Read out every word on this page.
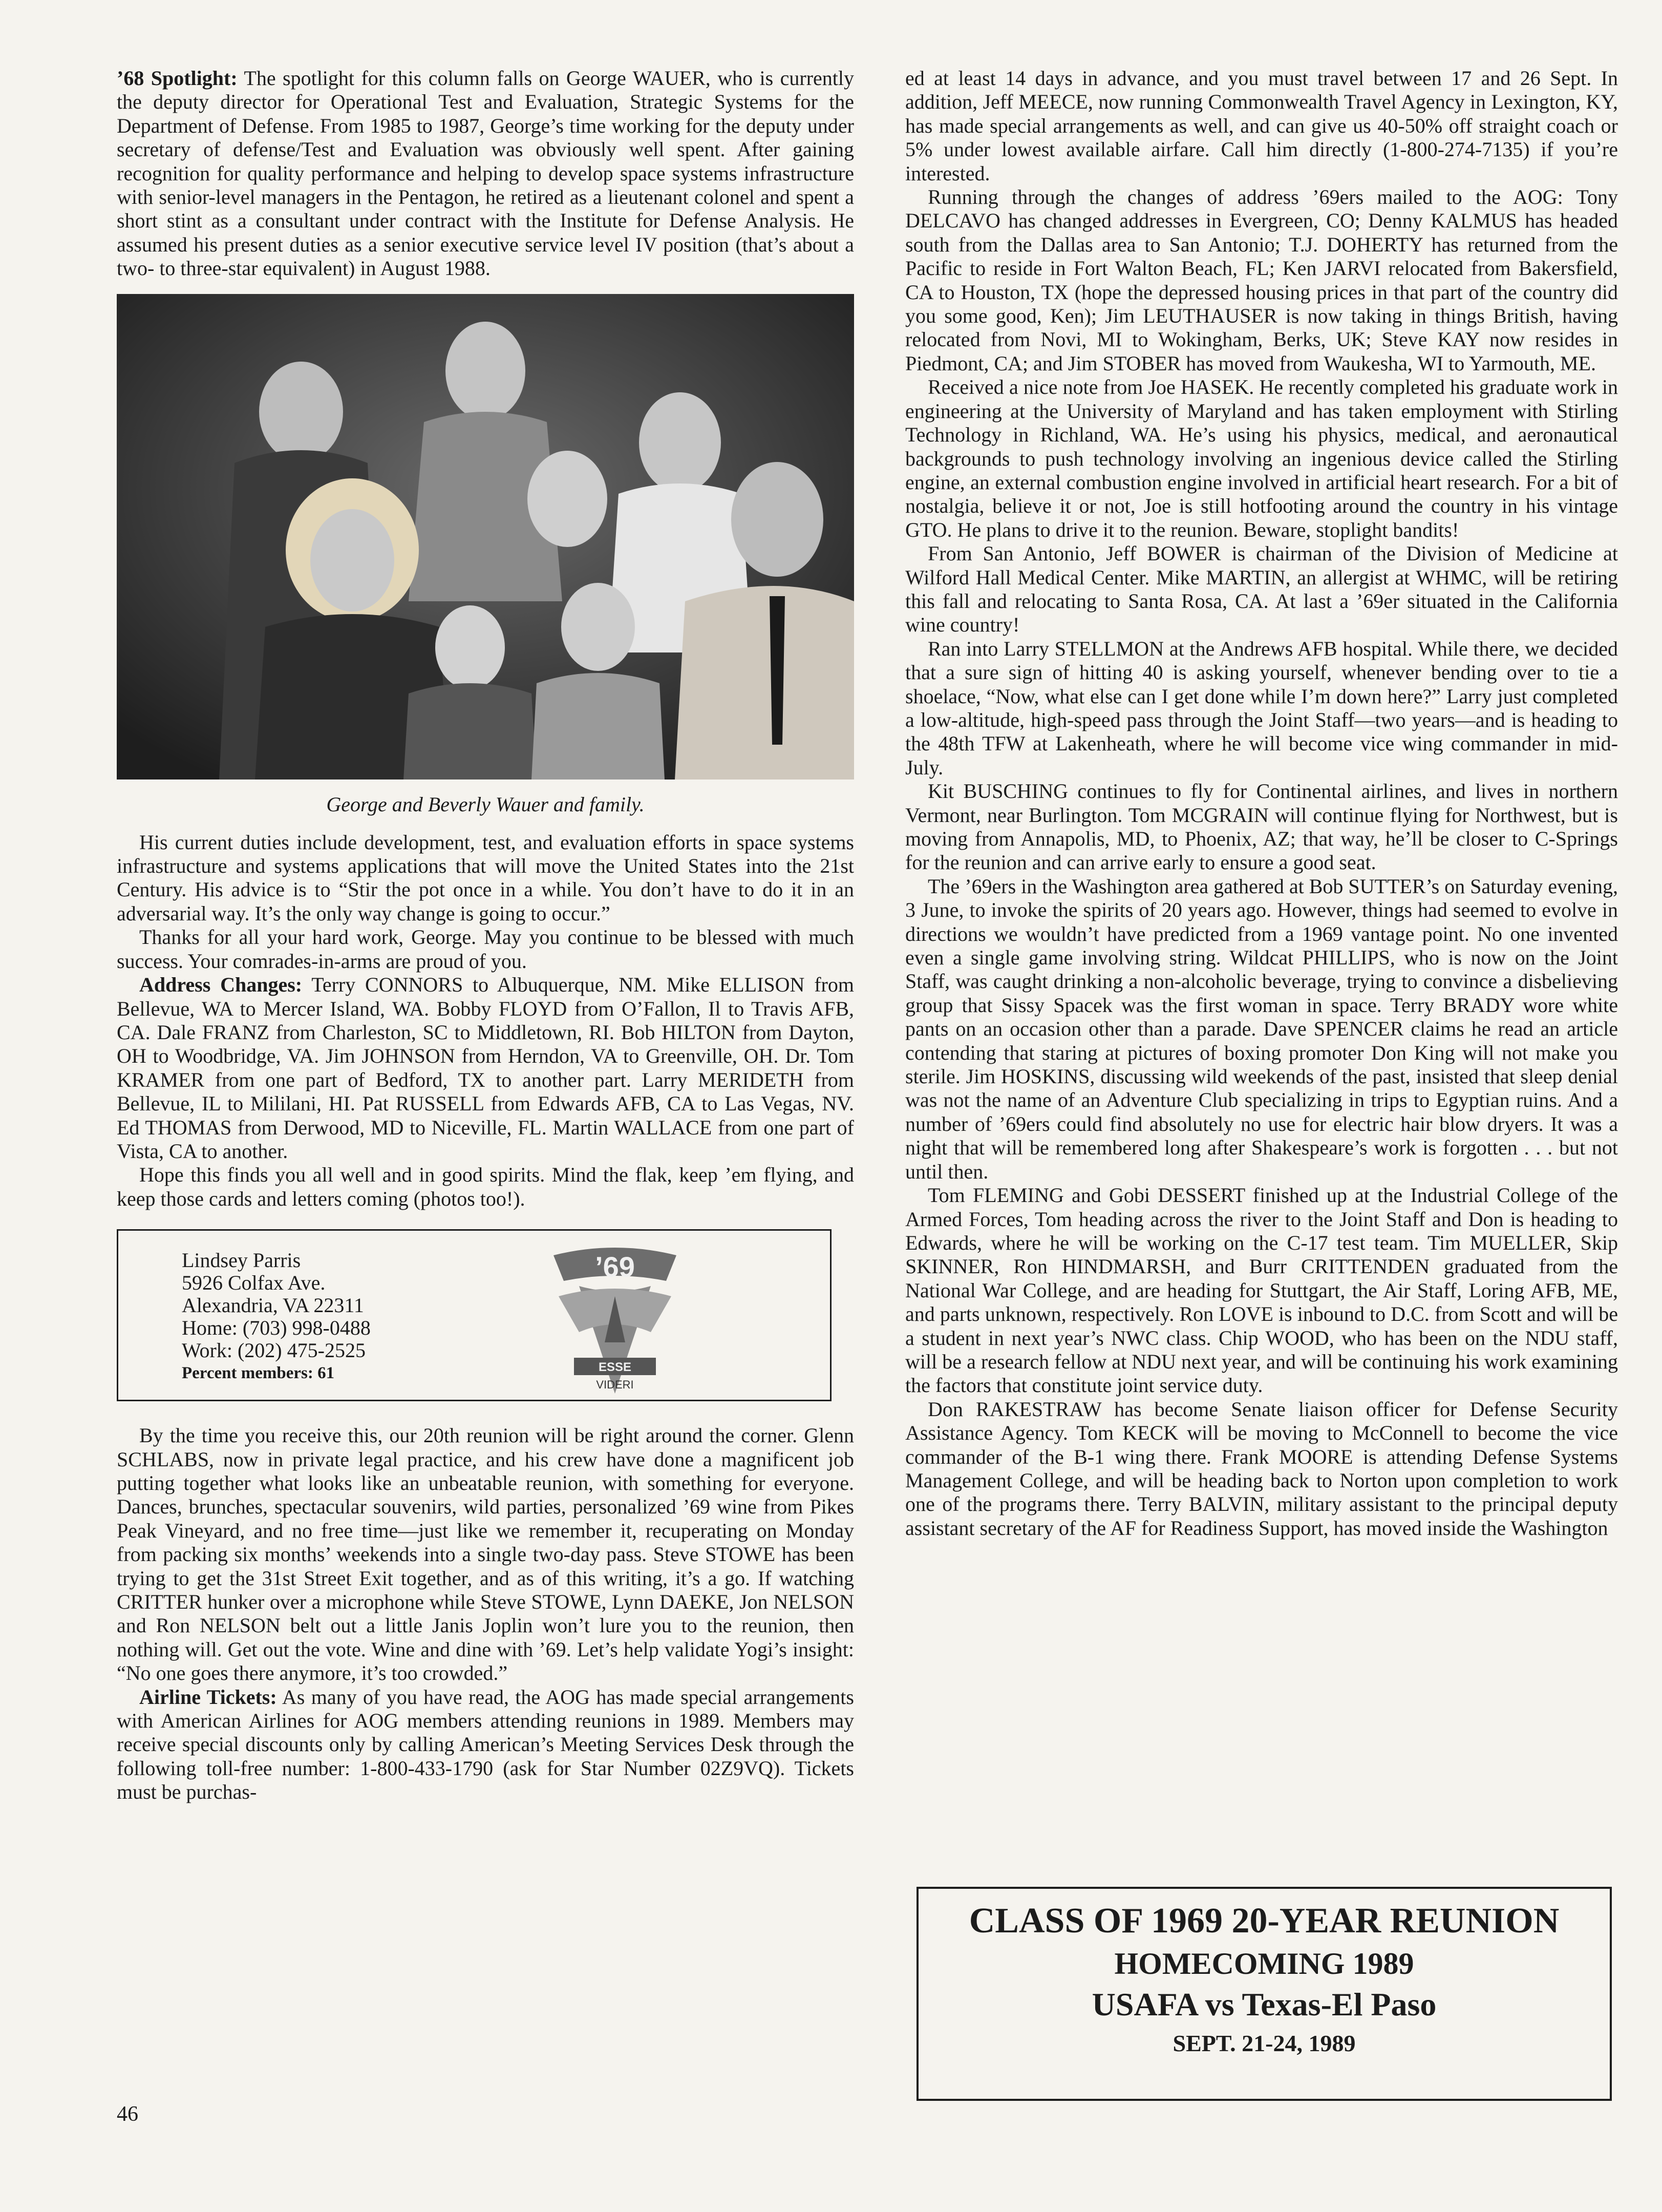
’68 Spotlight: The spotlight for this column falls on George WAUER, who is currently the deputy director for Operational Test and Evaluation, Strategic Systems for the Department of Defense. From 1985 to 1987, George’s time working for the deputy under secretary of defense/Test and Evaluation was obviously well spent. After gaining recognition for quality performance and helping to develop space systems infrastructure with senior-level managers in the Pentagon, he retired as a lieutenant colonel and spent a short stint as a consultant under contract with the Institute for Defense Analysis. He assumed his present duties as a senior executive service level IV position (that’s about a two- to three-star equivalent) in August 1988.

George and Beverly Wauer and family.

His current duties include development, test, and evaluation efforts in space systems infrastructure and systems applications that will move the United States into the 21st Century. His advice is to “Stir the pot once in a while. You don’t have to do it in an adversarial way. It’s the only way change is going to occur.”

Thanks for all your hard work, George. May you continue to be blessed with much success. Your comrades-in-arms are proud of you.

Address Changes: Terry CONNORS to Albuquerque, NM. Mike ELLISON from Bellevue, WA to Mercer Island, WA. Bobby FLOYD from O’Fallon, Il to Travis AFB, CA. Dale FRANZ from Charleston, SC to Middletown, RI. Bob HILTON from Dayton, OH to Woodbridge, VA. Jim JOHNSON from Herndon, VA to Greenville, OH. Dr. Tom KRAMER from one part of Bedford, TX to another part. Larry MERIDETH from Bellevue, IL to Mililani, HI. Pat RUSSELL from Edwards AFB, CA to Las Vegas, NV. Ed THOMAS from Derwood, MD to Niceville, FL. Martin WALLACE from one part of Vista, CA to another.

Hope this finds you all well and in good spirits. Mind the flak, keep ’em flying, and keep those cards and letters coming (photos too!).

Lindsey Parris
5926 Colfax Ave.
Alexandria, VA 22311
Home: (703) 998-0488
Work: (202) 475-2525
Percent members: 61
’69
ESSE
VIDERI

By the time you receive this, our 20th reunion will be right around the corner. Glenn SCHLABS, now in private legal practice, and his crew have done a magnificent job putting together what looks like an unbeatable reunion, with something for everyone. Dances, brunches, spectacular souvenirs, wild parties, personalized ’69 wine from Pikes Peak Vineyard, and no free time—just like we remember it, recuperating on Monday from packing six months’ weekends into a single two-day pass. Steve STOWE has been trying to get the 31st Street Exit together, and as of this writing, it’s a go. If watching CRITTER hunker over a microphone while Steve STOWE, Lynn DAEKE, Jon NELSON and Ron NELSON belt out a little Janis Joplin won’t lure you to the reunion, then nothing will. Get out the vote. Wine and dine with ’69. Let’s help validate Yogi’s insight: “No one goes there anymore, it’s too crowded.”

Airline Tickets: As many of you have read, the AOG has made special arrangements with American Airlines for AOG members attending reunions in 1989. Members may receive special discounts only by calling American’s Meeting Services Desk through the following toll-free number: 1-800-433-1790 (ask for Star Number 02Z9VQ). Tickets must be purchas-

ed at least 14 days in advance, and you must travel between 17 and 26 Sept. In addition, Jeff MEECE, now running Commonwealth Travel Agency in Lexington, KY, has made special arrangements as well, and can give us 40-50% off straight coach or 5% under lowest available airfare. Call him directly (1-800-274-7135) if you’re interested.

Running through the changes of address ’69ers mailed to the AOG: Tony DELCAVO has changed addresses in Evergreen, CO; Denny KALMUS has headed south from the Dallas area to San Antonio; T.J. DOHERTY has returned from the Pacific to reside in Fort Walton Beach, FL; Ken JARVI relocated from Bakersfield, CA to Houston, TX (hope the depressed housing prices in that part of the country did you some good, Ken); Jim LEUTHAUSER is now taking in things British, having relocated from Novi, MI to Wokingham, Berks, UK; Steve KAY now resides in Piedmont, CA; and Jim STOBER has moved from Waukesha, WI to Yarmouth, ME.

Received a nice note from Joe HASEK. He recently completed his graduate work in engineering at the University of Maryland and has taken employment with Stirling Technology in Richland, WA. He’s using his physics, medical, and aeronautical backgrounds to push technology involving an ingenious device called the Stirling engine, an external combustion engine involved in artificial heart research. For a bit of nostalgia, believe it or not, Joe is still hotfooting around the country in his vintage GTO. He plans to drive it to the reunion. Beware, stoplight bandits!

From San Antonio, Jeff BOWER is chairman of the Division of Medicine at Wilford Hall Medical Center. Mike MARTIN, an allergist at WHMC, will be retiring this fall and relocating to Santa Rosa, CA. At last a ’69er situated in the California wine country!

Ran into Larry STELLMON at the Andrews AFB hospital. While there, we decided that a sure sign of hitting 40 is asking yourself, whenever bending over to tie a shoelace, “Now, what else can I get done while I’m down here?” Larry just completed a low-altitude, high-speed pass through the Joint Staff—two years—and is heading to the 48th TFW at Lakenheath, where he will become vice wing commander in mid-July.

Kit BUSCHING continues to fly for Continental airlines, and lives in northern Vermont, near Burlington. Tom MCGRAIN will continue flying for Northwest, but is moving from Annapolis, MD, to Phoenix, AZ; that way, he’ll be closer to C-Springs for the reunion and can arrive early to ensure a good seat.

The ’69ers in the Washington area gathered at Bob SUTTER’s on Saturday evening, 3 June, to invoke the spirits of 20 years ago. However, things had seemed to evolve in directions we wouldn’t have predicted from a 1969 vantage point. No one invented even a single game involving string. Wildcat PHILLIPS, who is now on the Joint Staff, was caught drinking a non-alcoholic beverage, trying to convince a disbelieving group that Sissy Spacek was the first woman in space. Terry BRADY wore white pants on an occasion other than a parade. Dave SPENCER claims he read an article contending that staring at pictures of boxing promoter Don King will not make you sterile. Jim HOSKINS, discussing wild weekends of the past, insisted that sleep denial was not the name of an Adventure Club specializing in trips to Egyptian ruins. And a number of ’69ers could find absolutely no use for electric hair blow dryers. It was a night that will be remembered long after Shakespeare’s work is forgotten . . . but not until then.

Tom FLEMING and Gobi DESSERT finished up at the Industrial College of the Armed Forces, Tom heading across the river to the Joint Staff and Don is heading to Edwards, where he will be working on the C-17 test team. Tim MUELLER, Skip SKINNER, Ron HINDMARSH, and Burr CRITTENDEN graduated from the National War College, and are heading for Stuttgart, the Air Staff, Loring AFB, ME, and parts unknown, respectively. Ron LOVE is inbound to D.C. from Scott and will be a student in next year’s NWC class. Chip WOOD, who has been on the NDU staff, will be a research fellow at NDU next year, and will be continuing his work examining the factors that constitute joint service duty.

Don RAKESTRAW has become Senate liaison officer for Defense Security Assistance Agency. Tom KECK will be moving to McConnell to become the vice commander of the B-1 wing there. Frank MOORE is attending Defense Systems Management College, and will be heading back to Norton upon completion to work one of the programs there. Terry BALVIN, military assistant to the principal deputy assistant secretary of the AF for Readiness Support, has moved inside the Washington

CLASS OF 1969 20-YEAR REUNION
HOMECOMING 1989
USAFA vs Texas-El Paso
SEPT. 21-24, 1989
46
